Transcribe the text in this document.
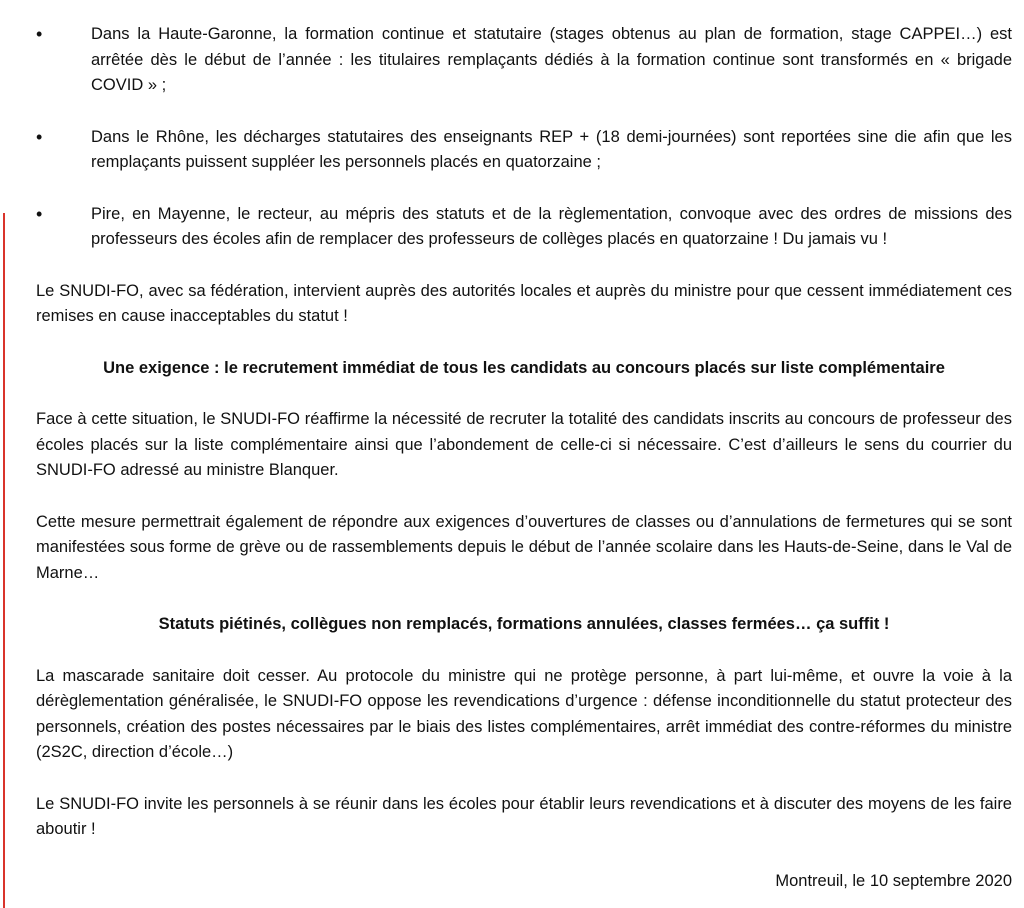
•	Dans la Haute-Garonne, la formation continue et statutaire (stages obtenus au plan de formation, stage CAPPEI…) est arrêtée dès le début de l’année : les titulaires remplaçants dédiés à la formation continue sont transformés en « brigade COVID » ;
•	Dans le Rhône, les décharges statutaires des enseignants REP + (18 demi-journées) sont reportées sine die afin que les remplaçants puissent suppléer les personnels placés en quatorzaine ;
•	Pire, en Mayenne, le recteur, au mépris des statuts et de la règlementation, convoque avec des ordres de missions des professeurs des écoles afin de remplacer des professeurs de collèges placés en quatorzaine ! Du jamais vu !

Le SNUDI-FO, avec sa fédération, intervient auprès des autorités locales et auprès du ministre pour que cessent immédiatement ces remises en cause inacceptables du statut !

Une exigence : le recrutement immédiat de tous les candidats au concours placés sur liste complémentaire

Face à cette situation, le SNUDI-FO réaffirme la nécessité de recruter la totalité des candidats inscrits au concours de professeur des écoles placés sur la liste complémentaire ainsi que l’abondement de celle-ci si nécessaire. C’est d’ailleurs le sens du courrier du SNUDI-FO adressé au ministre Blanquer.

Cette mesure permettrait également de répondre aux exigences d’ouvertures de classes ou d’annulations de fermetures qui se sont manifestées sous forme de grève ou de rassemblements depuis le début de l’année scolaire dans les Hauts-de-Seine, dans le Val de Marne…

Statuts piétinés, collègues non remplacés, formations annulées, classes fermées… ça suffit !

La mascarade sanitaire doit cesser. Au protocole du ministre qui ne protège personne, à part lui-même, et ouvre la voie à la dérèglementation généralisée, le SNUDI-FO oppose les revendications d’urgence : défense inconditionnelle du statut protecteur des personnels, création des postes nécessaires par le biais des listes complémentaires, arrêt immédiat des contre-réformes du ministre (2S2C, direction d’école…)

Le SNUDI-FO invite les personnels à se réunir dans les écoles pour établir leurs revendications et à discuter des moyens de les faire aboutir !

Montreuil, le 10 septembre 2020
